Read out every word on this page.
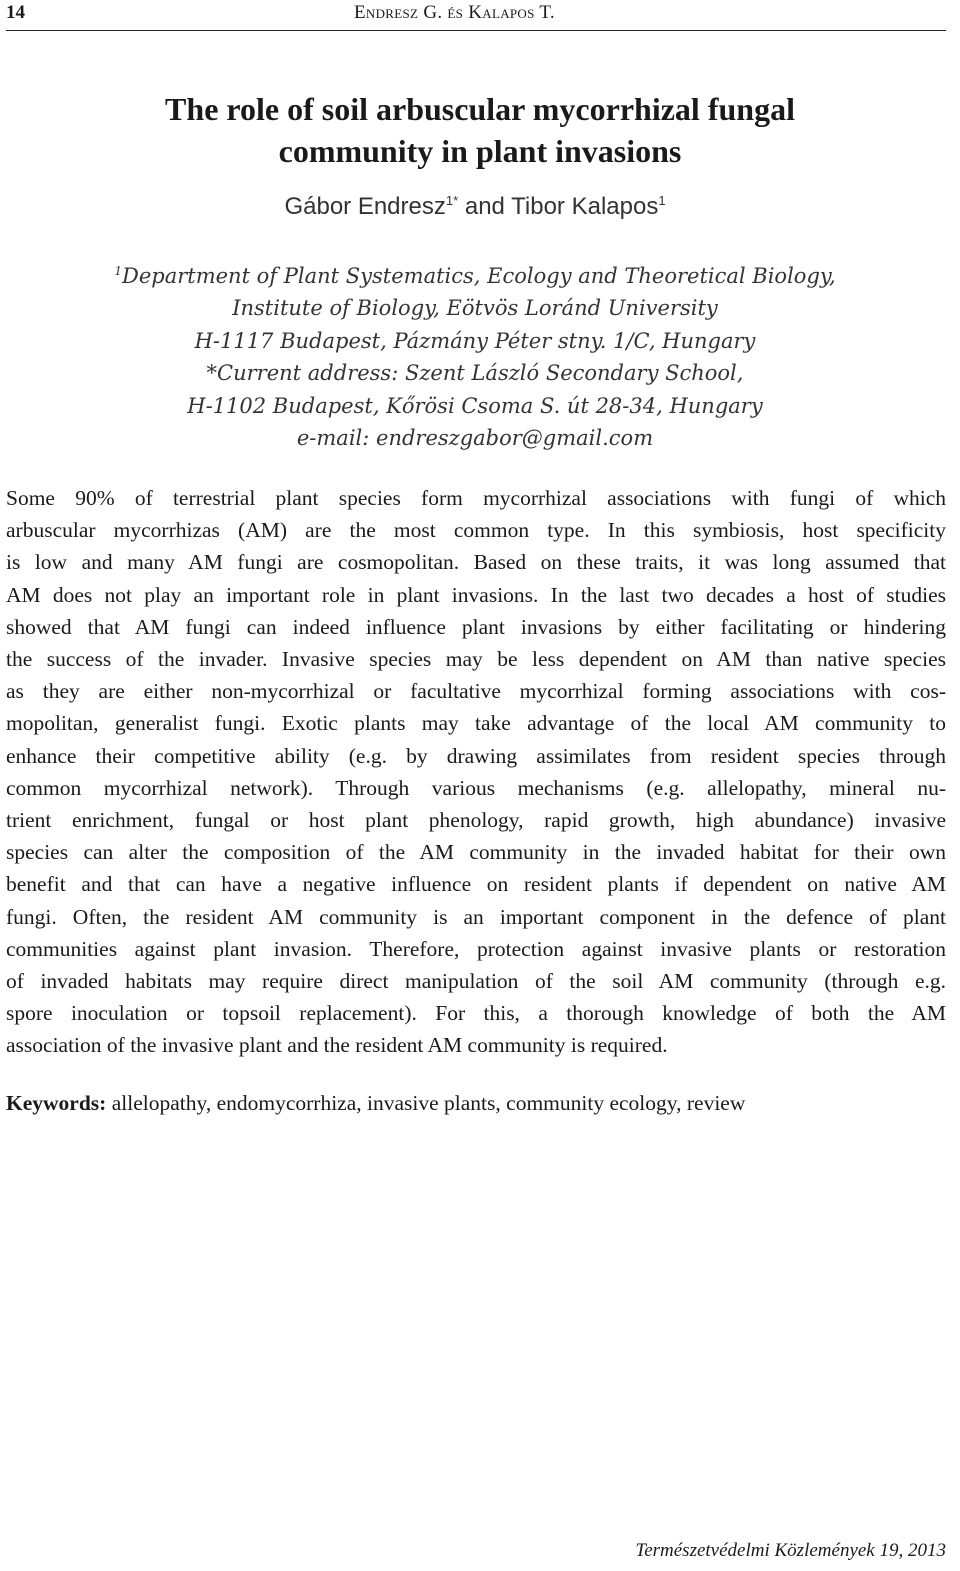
14	Endresz G. és Kalapos T.
The role of soil arbuscular mycorrhizal fungal
community in plant invasions
Gábor Endresz$^{1*}$ and Tibor Kalapos$^1$
$^1$Department of Plant Systematics, Ecology and Theoretical Biology,
Institute of Biology, Eötvös Loránd University
H-1117 Budapest, Pázmány Péter stny. 1/C, Hungary
*Current address: Szent László Secondary School,
H-1102 Budapest, Kőrösi Csoma S. út 28-34, Hungary
e-mail: endreszgabor@gmail.com

Some 90% of terrestrial plant species form mycorrhizal associations with fungi of which
arbuscular mycorrhizas (AM) are the most common type. In this symbiosis, host specificity
is low and many AM fungi are cosmopolitan. Based on these traits, it was long assumed that
AM does not play an important role in plant invasions. In the last two decades a host of studies
showed that AM fungi can indeed influence plant invasions by either facilitating or hindering
the success of the invader. Invasive species may be less dependent on AM than native species
as they are either non-mycorrhizal or facultative mycorrhizal forming associations with cos-
mopolitan, generalist fungi. Exotic plants may take advantage of the local AM community to
enhance their competitive ability (e.g. by drawing assimilates from resident species through
common mycorrhizal network). Through various mechanisms (e.g. allelopathy, mineral nu-
trient enrichment, fungal or host plant phenology, rapid growth, high abundance) invasive
species can alter the composition of the AM community in the invaded habitat for their own
benefit and that can have a negative influence on resident plants if dependent on native AM
fungi. Often, the resident AM community is an important component in the defence of plant
communities against plant invasion. Therefore, protection against invasive plants or restoration
of invaded habitats may require direct manipulation of the soil AM community (through e.g.
spore inoculation or topsoil replacement). For this, a thorough knowledge of both the AM
association of the invasive plant and the resident AM community is required.

Keywords: allelopathy, endomycorrhiza, invasive plants, community ecology, review
Természetvédelmi Közlemények 19, 2013
